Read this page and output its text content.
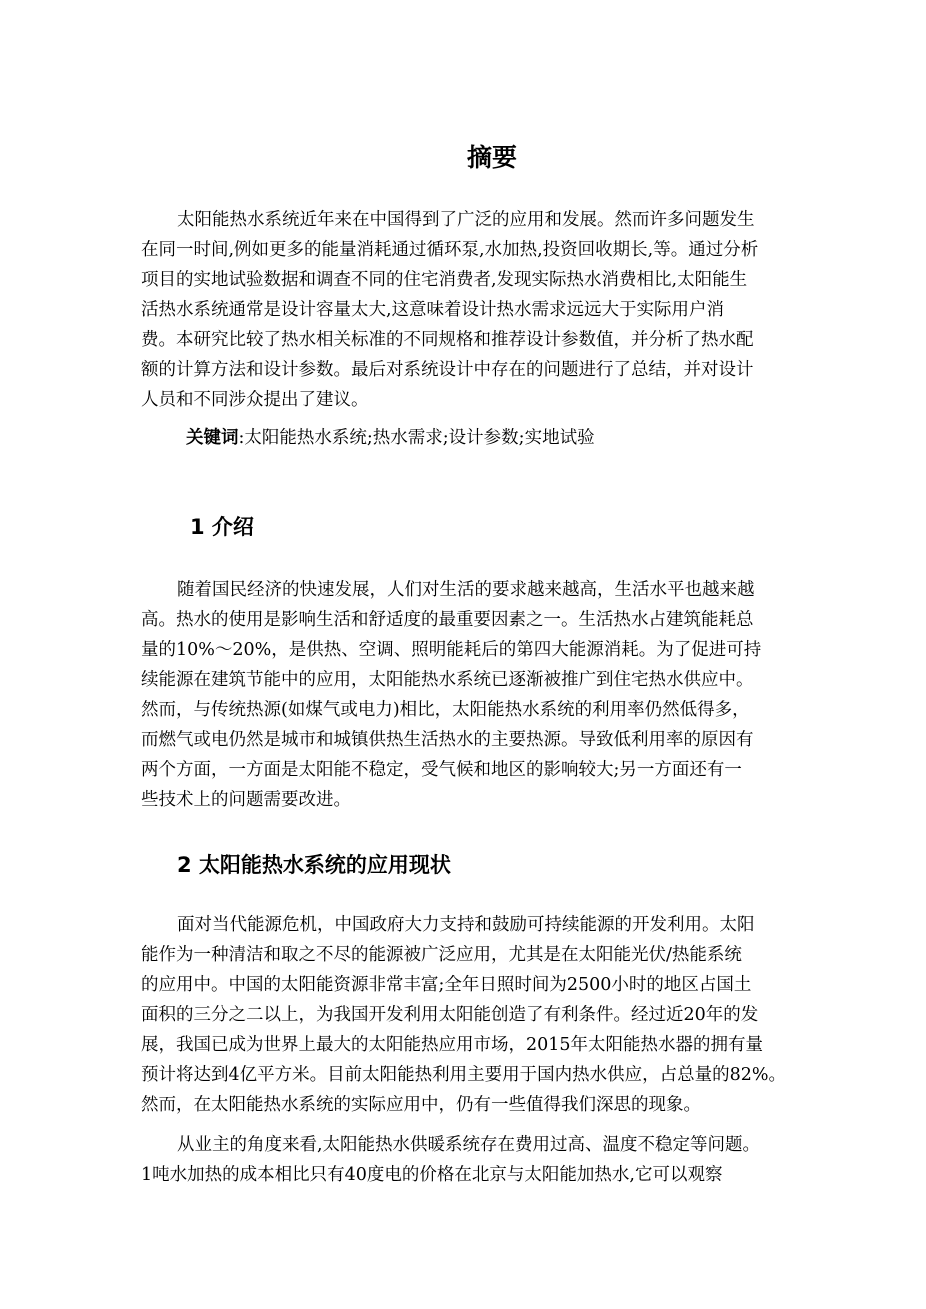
摘要
太阳能热水系统近年来在中国得到了广泛的应用和发展。然而许多问题发生
在同一时间,例如更多的能量消耗通过循环泵,水加热,投资回收期长,等。通过分析
项目的实地试验数据和调查不同的住宅消费者,发现实际热水消费相比,太阳能生
活热水系统通常是设计容量太大,这意味着设计热水需求远远大于实际用户消
费。本研究比较了热水相关标准的不同规格和推荐设计参数值，并分析了热水配
额的计算方法和设计参数。最后对系统设计中存在的问题进行了总结，并对设计
人员和不同涉众提出了建议。
关键词:太阳能热水系统;热水需求;设计参数;实地试验
1 介绍
随着国民经济的快速发展，人们对生活的要求越来越高，生活水平也越来越
高。热水的使用是影响生活和舒适度的最重要因素之一。生活热水占建筑能耗总
量的10%～20%，是供热、空调、照明能耗后的第四大能源消耗。为了促进可持
续能源在建筑节能中的应用，太阳能热水系统已逐渐被推广到住宅热水供应中。
然而，与传统热源(如煤气或电力)相比，太阳能热水系统的利用率仍然低得多，
而燃气或电仍然是城市和城镇供热生活热水的主要热源。导致低利用率的原因有
两个方面，一方面是太阳能不稳定，受气候和地区的影响较大;另一方面还有一
些技术上的问题需要改进。
2 太阳能热水系统的应用现状
面对当代能源危机，中国政府大力支持和鼓励可持续能源的开发利用。太阳
能作为一种清洁和取之不尽的能源被广泛应用，尤其是在太阳能光伏/热能系统
的应用中。中国的太阳能资源非常丰富;全年日照时间为2500小时的地区占国土
面积的三分之二以上，为我国开发利用太阳能创造了有利条件。经过近20年的发
展，我国已成为世界上最大的太阳能热应用市场，2015年太阳能热水器的拥有量
预计将达到4亿平方米。目前太阳能热利用主要用于国内热水供应，占总量的82%。
然而，在太阳能热水系统的实际应用中，仍有一些值得我们深思的现象。
从业主的角度来看,太阳能热水供暖系统存在费用过高、温度不稳定等问题。
1吨水加热的成本相比只有40度电的价格在北京与太阳能加热水,它可以观察
